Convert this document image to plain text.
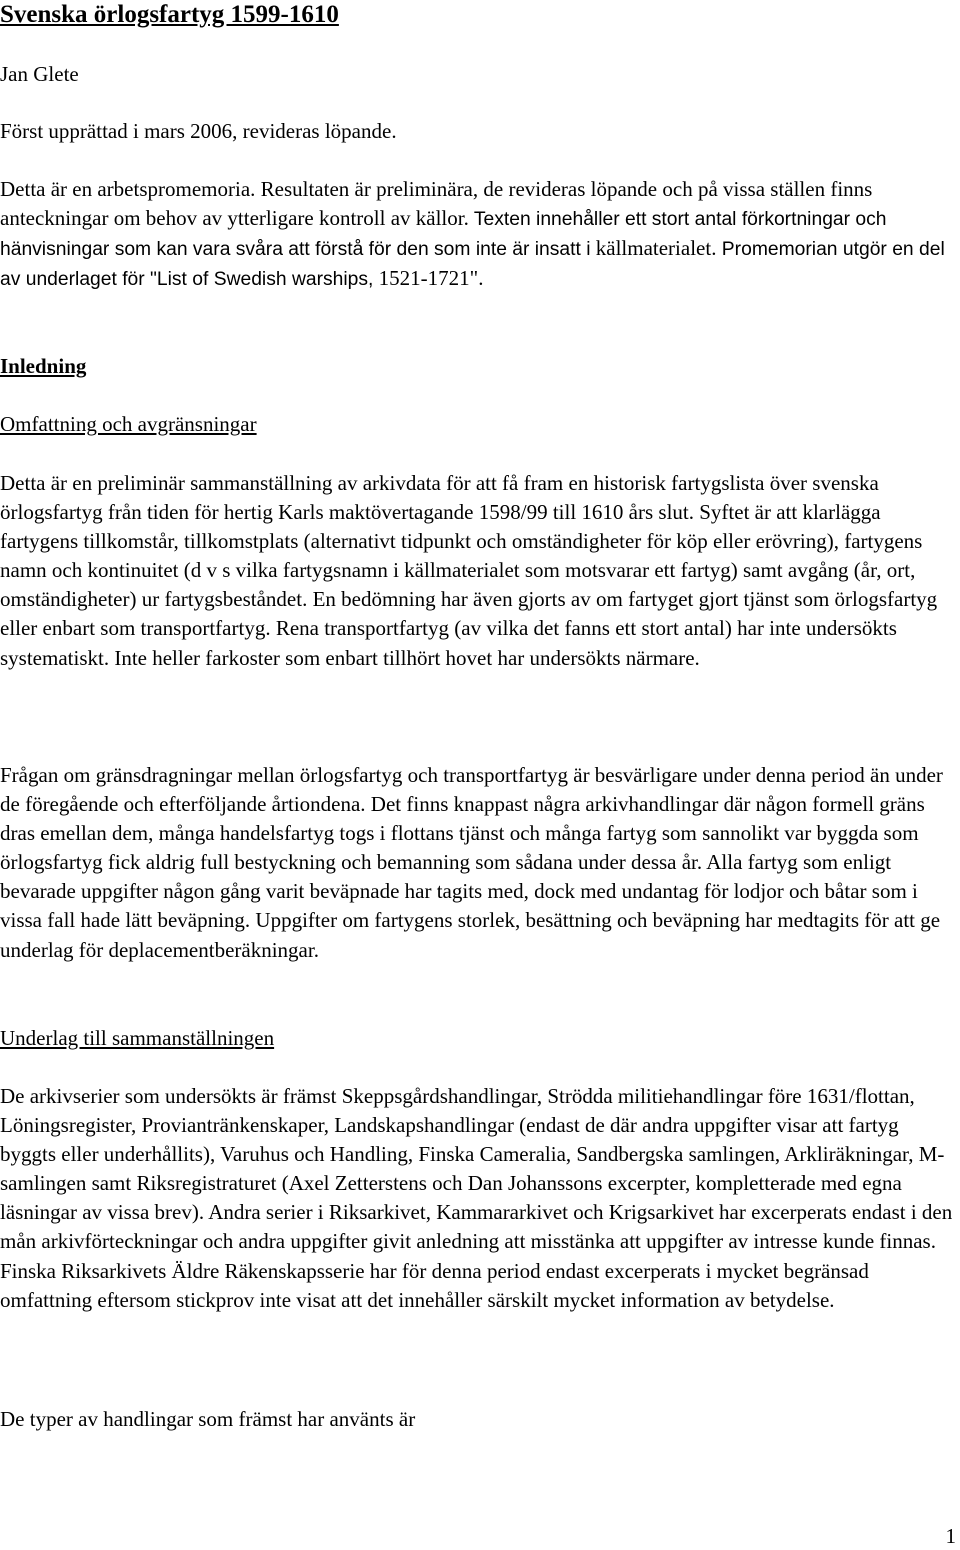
Svenska örlogsfartyg 1599-1610

Jan Glete

Först upprättad i mars 2006, revideras löpande.

Detta är en arbetspromemoria. Resultaten är preliminära, de revideras löpande och på vissa ställen finns anteckningar om behov av ytterligare kontroll av källor. Texten innehåller ett stort antal förkortningar och hänvisningar som kan vara svåra att förstå för den som inte är insatt i källmaterialet. Promemorian utgör en del av underlaget för "List of Swedish warships, 1521-1721".

Inledning

Omfattning och avgränsningar

Detta är en preliminär sammanställning av arkivdata för att få fram en historisk fartygslista över svenska örlogsfartyg från tiden för hertig Karls maktövertagande 1598/99 till 1610 års slut. Syftet är att klarlägga fartygens tillkomstår, tillkomstplats (alternativt tidpunkt och omständigheter för köp eller erövring), fartygens namn och kontinuitet (d v s vilka fartygsnamn i källmaterialet som motsvarar ett fartyg) samt avgång (år, ort, omständigheter) ur fartygsbeståndet. En bedömning har även gjorts av om fartyget gjort tjänst som örlogsfartyg eller enbart som transportfartyg. Rena transportfartyg (av vilka det fanns ett stort antal) har inte undersökts systematiskt. Inte heller farkoster som enbart tillhört hovet har undersökts närmare.

Frågan om gränsdragningar mellan örlogsfartyg och transportfartyg är besvärligare under denna period än under de föregående och efterföljande årtiondena. Det finns knappast några arkivhandlingar där någon formell gräns dras emellan dem, många handelsfartyg togs i flottans tjänst och många fartyg som sannolikt var byggda som örlogsfartyg fick aldrig full bestyckning och bemanning som sådana under dessa år. Alla fartyg som enligt bevarade uppgifter någon gång varit beväpnade har tagits med, dock med undantag för lodjor och båtar som i vissa fall hade lätt beväpning. Uppgifter om fartygens storlek, besättning och beväpning har medtagits för att ge underlag för deplacementberäkningar.

Underlag till sammanställningen

De arkivserier som undersökts är främst Skeppsgårdshandlingar, Strödda militiehandlingar före 1631/flottan, Löningsregister, Proviantränkenskaper, Landskapshandlingar (endast de där andra uppgifter visar att fartyg byggts eller underhållits), Varuhus och Handling, Finska Cameralia, Sandbergska samlingen, Arkliräkningar, M-samlingen samt Riksregistraturet (Axel Zetterstens och Dan Johanssons excerpter, kompletterade med egna läsningar av vissa brev). Andra serier i Riksarkivet, Kammararkivet och Krigsarkivet har excerperats endast i den mån arkivförteckningar och andra uppgifter givit anledning att misstänka att uppgifter av intresse kunde finnas. Finska Riksarkivets Äldre Räkenskapsserie har för denna period endast excerperats i mycket begränsad omfattning eftersom stickprov inte visat att det innehåller särskilt mycket information av betydelse.

De typer av handlingar som främst har använts är

1
